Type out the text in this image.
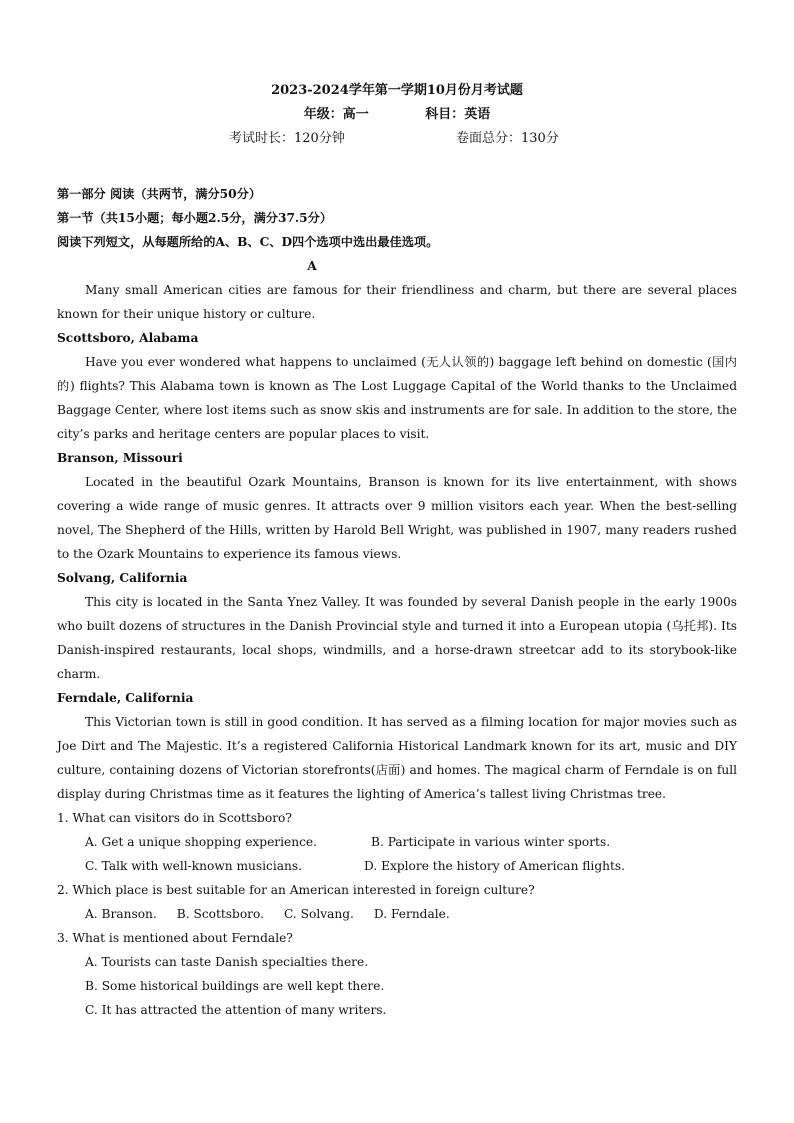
2023-2024学年第一学期10月份月考试题
年级：高一	科目：英语
考试时长：120分钟	卷面总分：130分

第一部分 阅读（共两节，满分50分）

第一节（共15小题；每小题2.5分，满分37.5分）

阅读下列短文，从每题所给的A、B、C、D四个选项中选出最佳选项。

A

Many small American cities are famous for their friendliness and charm, but there are several places known for their unique history or culture.

Scottsboro, Alabama

Have you ever wondered what happens to unclaimed (无人认领的) baggage left behind on domestic (国内的) flights? This Alabama town is known as The Lost Luggage Capital of the World thanks to the Unclaimed Baggage Center, where lost items such as snow skis and instruments are for sale. In addition to the store, the city’s parks and heritage centers are popular places to visit.

Branson, Missouri

Located in the beautiful Ozark Mountains, Branson is known for its live entertainment, with shows covering a wide range of music genres. It attracts over 9 million visitors each year. When the best-selling novel, The Shepherd of the Hills, written by Harold Bell Wright, was published in 1907, many readers rushed to the Ozark Mountains to experience its famous views.

Solvang, California

This city is located in the Santa Ynez Valley. It was founded by several Danish people in the early 1900s who built dozens of structures in the Danish Provincial style and turned it into a European utopia (乌托邦). Its Danish-inspired restaurants, local shops, windmills, and a horse-drawn streetcar add to its storybook-like charm.

Ferndale, California

This Victorian town is still in good condition. It has served as a filming location for major movies such as Joe Dirt and The Majestic. It’s a registered California Historical Landmark known for its art, music and DIY culture, containing dozens of Victorian storefronts(店面) and homes. The magical charm of Ferndale is on full display during Christmas time as it features the lighting of America’s tallest living Christmas tree.

1. What can visitors do in Scottsboro?

A. Get a unique shopping experience.	B. Participate in various winter sports.

C. Talk with well-known musicians.	D. Explore the history of American flights.

2. Which place is best suitable for an American interested in foreign culture?

A. Branson. B. Scottsboro. C. Solvang. D. Ferndale.

3. What is mentioned about Ferndale?

A. Tourists can taste Danish specialties there.

B. Some historical buildings are well kept there.

C. It has attracted the attention of many writers.
